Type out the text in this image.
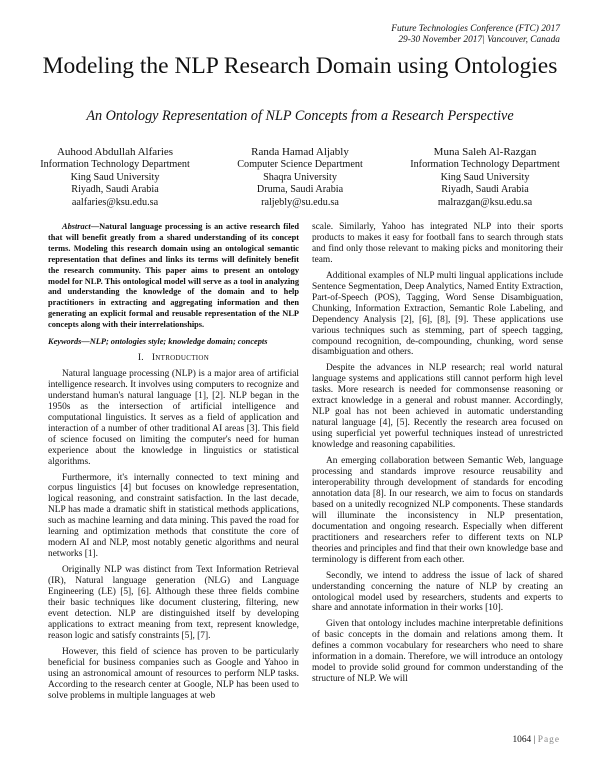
Future Technologies Conference (FTC) 2017
29-30 November 2017| Vancouver, Canada
Modeling the NLP Research Domain using Ontologies
An Ontology Representation of NLP Concepts from a Research Perspective
Auhood Abdullah Alfaries
Information Technology Department
King Saud University
Riyadh, Saudi Arabia
aalfaries@ksu.edu.sa
Randa Hamad Aljably
Computer Science Department
Shaqra University
Druma, Saudi Arabia
raljebly@su.edu.sa
Muna Saleh Al-Razgan
Information Technology Department
King Saud University
Riyadh, Saudi Arabia
malrazgan@ksu.edu.sa

Abstract—Natural language processing is an active research filed that will benefit greatly from a shared understanding of its concept terms. Modeling this research domain using an ontological semantic representation that defines and links its terms will definitely benefit the research community. This paper aims to present an ontology model for NLP. This ontological model will serve as a tool in analyzing and understanding the knowledge of the domain and to help practitioners in extracting and aggregating information and then generating an explicit formal and reusable representation of the NLP concepts along with their interrelationships.

Keywords—NLP; ontologies style; knowledge domain; concepts

I. Introduction

Natural language processing (NLP) is a major area of artificial intelligence research. It involves using computers to recognize and understand human's natural language [1], [2]. NLP began in the 1950s as the intersection of artificial intelligence and computational linguistics. It serves as a field of application and interaction of a number of other traditional AI areas [3]. This field of science focused on limiting the computer's need for human experience about the knowledge in linguistics or statistical algorithms.

Furthermore, it's internally connected to text mining and corpus linguistics [4] but focuses on knowledge representation, logical reasoning, and constraint satisfaction. In the last decade, NLP has made a dramatic shift in statistical methods applications, such as machine learning and data mining. This paved the road for learning and optimization methods that constitute the core of modern AI and NLP, most notably genetic algorithms and neural networks [1].

Originally NLP was distinct from Text Information Retrieval (IR), Natural language generation (NLG) and Language Engineering (LE) [5], [6]. Although these three fields combine their basic techniques like document clustering, filtering, new event detection. NLP are distinguished itself by developing applications to extract meaning from text, represent knowledge, reason logic and satisfy constraints [5], [7].

However, this field of science has proven to be particularly beneficial for business companies such as Google and Yahoo in using an astronomical amount of resources to perform NLP tasks. According to the research center at Google, NLP has been used to solve problems in multiple languages at web

scale. Similarly, Yahoo has integrated NLP into their sports products to makes it easy for football fans to search through stats and find only those relevant to making picks and monitoring their team.

Additional examples of NLP multi lingual applications include Sentence Segmentation, Deep Analytics, Named Entity Extraction, Part-of-Speech (POS), Tagging, Word Sense Disambiguation, Chunking, Information Extraction, Semantic Role Labeling, and Dependency Analysis [2], [6], [8], [9]. These applications use various techniques such as stemming, part of speech tagging, compound recognition, de-compounding, chunking, word sense disambiguation and others.

Despite the advances in NLP research; real world natural language systems and applications still cannot perform high level tasks. More research is needed for commonsense reasoning or extract knowledge in a general and robust manner. Accordingly, NLP goal has not been achieved in automatic understanding natural language [4], [5]. Recently the research area focused on using superficial yet powerful techniques instead of unrestricted knowledge and reasoning capabilities.

An emerging collaboration between Semantic Web, language processing and standards improve resource reusability and interoperability through development of standards for encoding annotation data [8]. In our research, we aim to focus on standards based on a unitedly recognized NLP components. These standards will illuminate the inconsistency in NLP presentation, documentation and ongoing research. Especially when different practitioners and researchers refer to different texts on NLP theories and principles and find that their own knowledge base and terminology is different from each other.

Secondly, we intend to address the issue of lack of shared understanding concerning the nature of NLP by creating an ontological model used by researchers, students and experts to share and annotate information in their works [10].

Given that ontology includes machine interpretable definitions of basic concepts in the domain and relations among them. It defines a common vocabulary for researchers who need to share information in a domain. Therefore, we will introduce an ontology model to provide solid ground for common understanding of the structure of NLP. We will

1064 | Page
